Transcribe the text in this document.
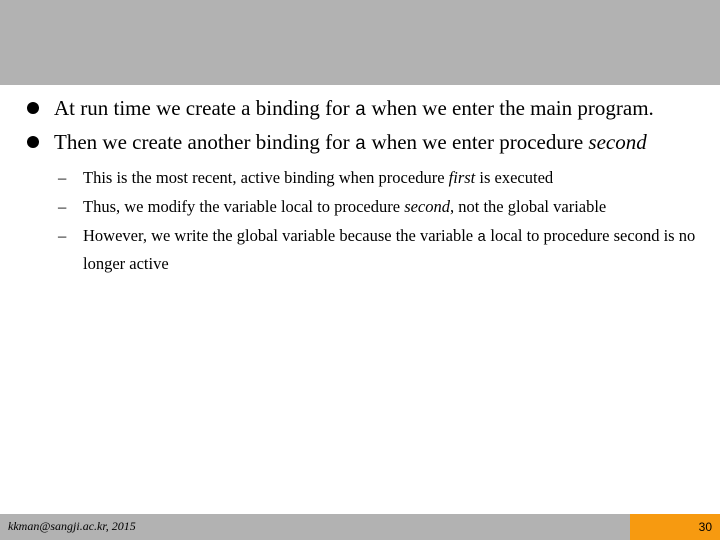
At run time we create a binding for a when we enter the main program.
Then we create another binding for a when we enter procedure second
– This is the most recent, active binding when procedure first is executed
– Thus, we modify the variable local to procedure second, not the global variable
– However, we write the global variable because the variable a local to procedure second is no longer active
kkman@sangji.ac.kr, 2015	30
